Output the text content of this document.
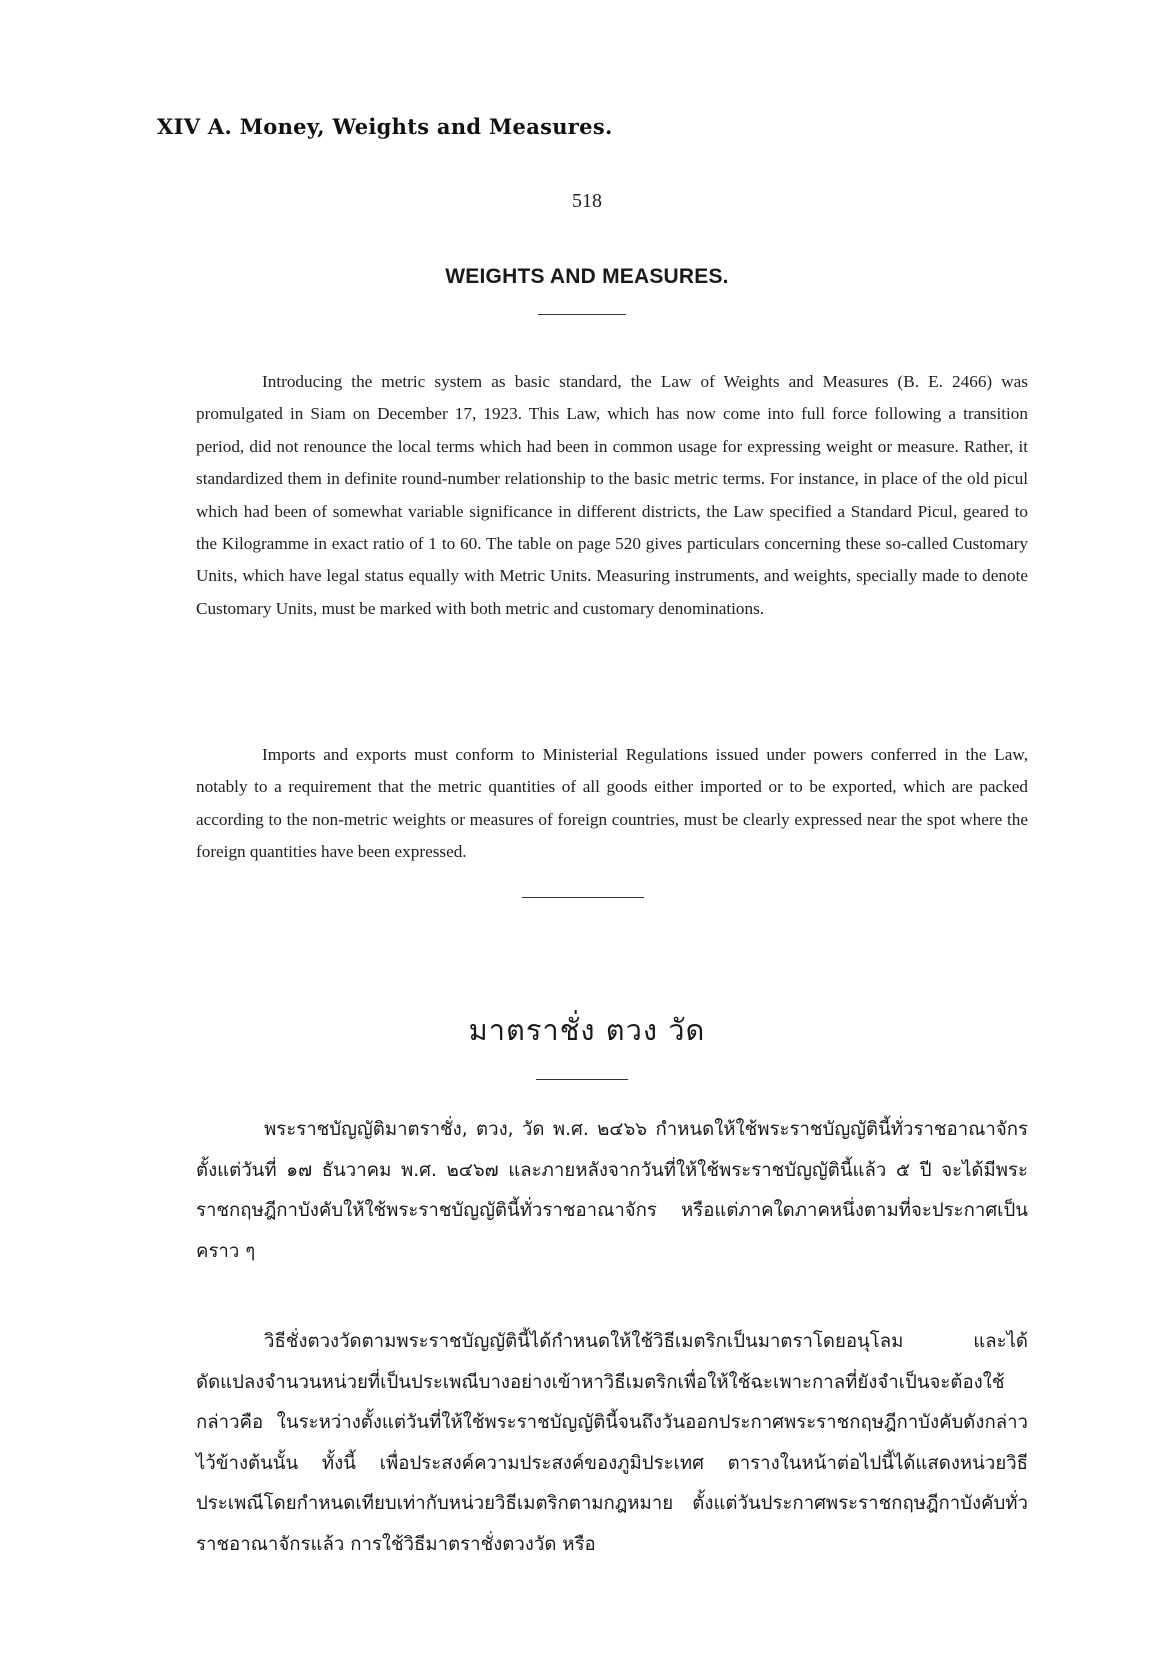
XIV A. Money, Weights and Measures.
518
WEIGHTS AND MEASURES.

Introducing the metric system as basic standard, the Law of Weights and Measures (B. E. 2466) was promulgated in Siam on December 17, 1923. This Law, which has now come into full force following a transition period, did not renounce the local terms which had been in common usage for expressing weight or measure. Rather, it standardized them in definite round-number relationship to the basic metric terms. For instance, in place of the old picul which had been of somewhat variable significance in different districts, the Law specified a Standard Picul, geared to the Kilogramme in exact ratio of 1 to 60. The table on page 520 gives particulars concerning these so-called Customary Units, which have legal status equally with Metric Units. Measuring instruments, and weights, specially made to denote Customary Units, must be marked with both metric and customary denominations.

Imports and exports must conform to Ministerial Regulations issued under powers conferred in the Law, notably to a requirement that the metric quantities of all goods either imported or to be exported, which are packed according to the non-metric weights or measures of foreign countries, must be clearly expressed near the spot where the foreign quantities have been expressed.

มาตราชั่ง ตวง วัด

พระราชบัญญัติมาตราชั่ง, ตวง, วัด พ.ศ. ๒๔๖๖ กำหนดให้ใช้พระราชบัญญัตินี้ทั่วราชอาณาจักรตั้งแต่วันที่ ๑๗ ธันวาคม พ.ศ. ๒๔๖๗ และภายหลังจากวันที่ให้ใช้พระราชบัญญัตินี้แล้ว ๕ ปี จะได้มีพระราชกฤษฎีกาบังคับให้ใช้พระราชบัญญัตินี้ทั่วราชอาณาจักร หรือแต่ภาคใดภาคหนึ่งตามที่จะประกาศเป็นคราว ๆ

วิธีชั่งตวงวัดตามพระราชบัญญัตินี้ได้กำหนดให้ใช้วิธีเมตริกเป็นมาตราโดยอนุโลม และได้ดัดแปลงจำนวนหน่วยที่เป็นประเพณีบางอย่างเข้าหาวิธีเมตริกเพื่อให้ใช้ฉะเพาะกาลที่ยังจำเป็นจะต้องใช้ กล่าวคือ ในระหว่างตั้งแต่วันที่ให้ใช้พระราชบัญญัตินี้จนถึงวันออกประกาศพระราชกฤษฎีกาบังคับดังกล่าวไว้ข้างต้นนั้น ทั้งนี้ เพื่อประสงค์ความประสงค์ของภูมิประเทศ ตารางในหน้าต่อไปนี้ได้แสดงหน่วยวิธีประเพณีโดยกำหนดเทียบเท่ากับหน่วยวิธีเมตริกตามกฎหมาย ตั้งแต่วันประกาศพระราชกฤษฎีกาบังคับทั่วราชอาณาจักรแล้ว การใช้วิธีมาตราชั่งตวงวัด หรือ
